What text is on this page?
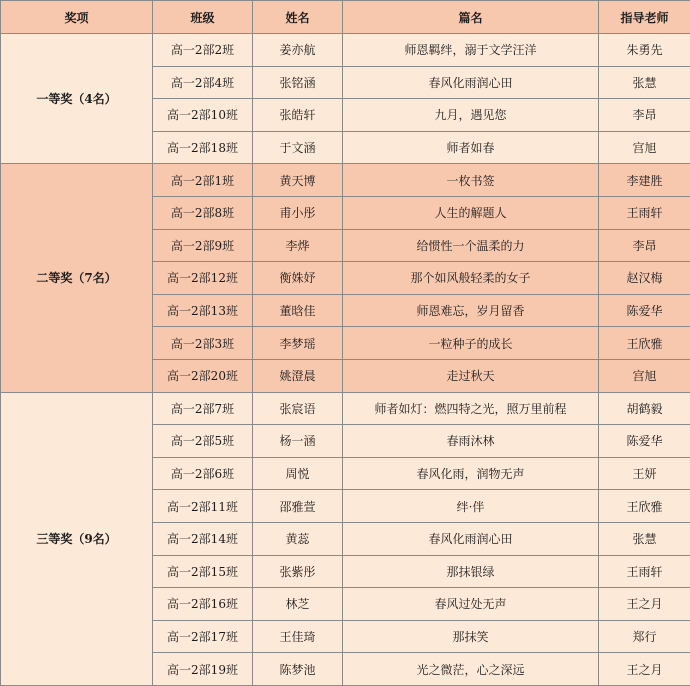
奖项	班级	姓名	篇名	指导老师
一等奖（4名）	高一2部2班	姜亦航	师恩羁绊，溺于文学汪洋	朱勇先
	高一2部4班	张铭涵	春风化雨润心田	张慧
	高一2部10班	张皓轩	九月，遇见您	李昂
	高一2部18班	于文涵	师者如春	宫旭
二等奖（7名）	高一2部1班	黄天博	一枚书签	李建胜
	高一2部8班	甫小彤	人生的解题人	王雨轩
	高一2部9班	李烨	给惯性一个温柔的力	李昂
	高一2部12班	衡姝妤	那个如风般轻柔的女子	赵汉梅
	高一2部13班	董晗佳	师恩难忘，岁月留香	陈爱华
	高一2部3班	李梦瑶	一粒种子的成长	王欣雅
	高一2部20班	姚澄晨	走过秋天	宫旭
三等奖（9名）	高一2部7班	张宸语	师者如灯：燃四特之光，照万里前程	胡鹤毅
	高一2部5班	杨一涵	春雨沐林	陈爱华
	高一2部6班	周悦	春风化雨，润物无声	王妍
	高一2部11班	邵雅萱	绊·伴	王欣雅
	高一2部14班	黄蕊	春风化雨润心田	张慧
	高一2部15班	张紫彤	那抹银绿	王雨轩
	高一2部16班	林芝	春风过处无声	王之月
	高一2部17班	王佳琦	那抹笑	郑行
	高一2部19班	陈梦池	光之微茫，心之深远	王之月
